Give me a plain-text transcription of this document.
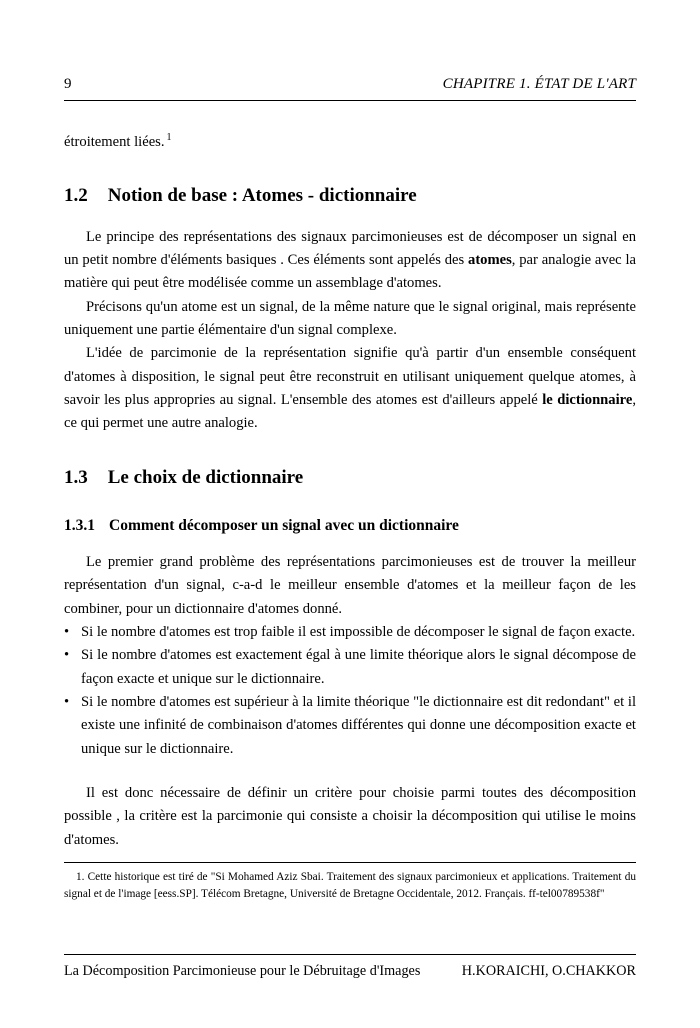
9	CHAPITRE 1. ÉTAT DE L'ART

étroitement liées. $^1$

1.2 Notion de base : Atomes - dictionnaire

Le principe des représentations des signaux parcimonieuses est de décomposer un signal en un petit nombre d'éléments basiques . Ces éléments sont appelés des atomes, par analogie avec la matière qui peut être modélisée comme un assemblage d'atomes.

Précisons qu'un atome est un signal, de la même nature que le signal original, mais représente uniquement une partie élémentaire d'un signal complexe.

L'idée de parcimonie de la représentation signifie qu'à partir d'un ensemble conséquent d'atomes à disposition, le signal peut être reconstruit en utilisant uniquement quelque atomes, à savoir les plus appropries au signal. L'ensemble des atomes est d'ailleurs appelé le dictionnaire, ce qui permet une autre analogie.

1.3 Le choix de dictionnaire
1.3.1 Comment décomposer un signal avec un dictionnaire

Le premier grand problème des représentations parcimonieuses est de trouver la meilleur représentation d'un signal, c-a-d le meilleur ensemble d'atomes et la meilleur façon de les combiner, pour un dictionnaire d'atomes donné.

• Si le nombre d'atomes est trop faible il est impossible de décomposer le signal de façon exacte.
• Si le nombre d'atomes est exactement égal à une limite théorique alors le signal décompose de façon exacte et unique sur le dictionnaire.
• Si le nombre d'atomes est supérieur à la limite théorique "le dictionnaire est dit redondant" et il existe une infinité de combinaison d'atomes différentes qui donne une décomposition exacte et unique sur le dictionnaire.

Il est donc nécessaire de définir un critère pour choisie parmi toutes des décomposition possible , la critère est la parcimonie qui consiste a choisir la décomposition qui utilise le moins d'atomes.

1. Cette historique est tiré de "Si Mohamed Aziz Sbai. Traitement des signaux parcimonieux et applications. Traitement du signal et de l'image [eess.SP]. Télécom Bretagne, Université de Bretagne Occidentale, 2012. Français. ff-tel00789538f"

La Décomposition Parcimonieuse pour le Débruitage d'Images	H.KORAICHI, O.CHAKKOR
